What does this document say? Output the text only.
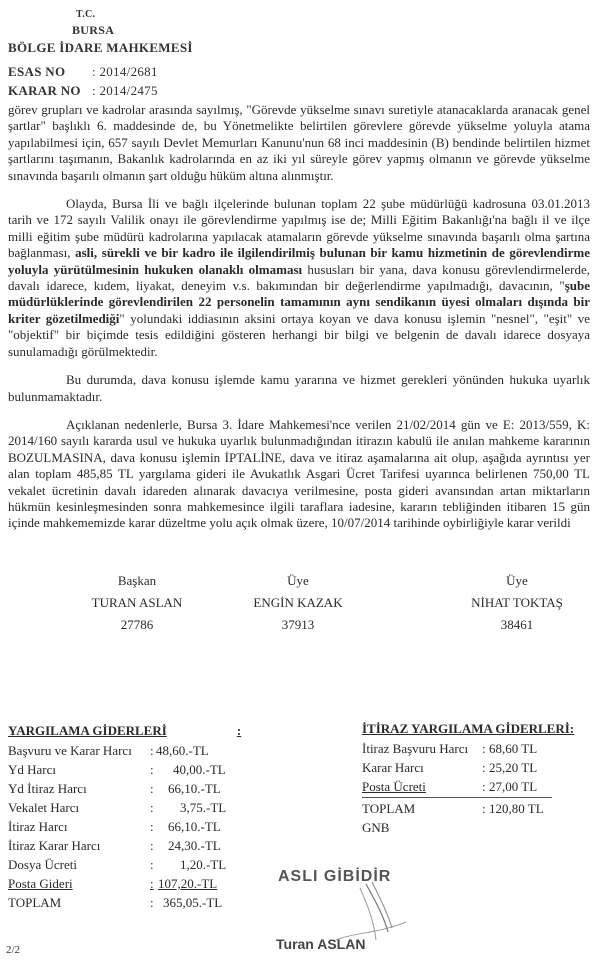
T.C.
BURSA
BÖLGE İDARE MAHKEMESİ
ESAS NO : 2014/2681
KARAR NO : 2014/2475

görev grupları ve kadrolar arasında sayılmış, "Görevde yükselme sınavı suretiyle atanacaklarda aranacak genel şartlar" başlıklı 6. maddesinde de, bu Yönetmelikte belirtilen görevlere görevde yükselme yoluyla atama yapılabilmesi için, 657 sayılı Devlet Memurları Kanunu'nun 68 inci maddesinin (B) bendinde belirtilen hizmet şartlarını taşımanın, Bakanlık kadrolarında en az iki yıl süreyle görev yapmış olmanın ve görevde yükselme sınavında başarılı olmanın şart olduğu hüküm altına alınmıştır.

Olayda, Bursa İli ve bağlı ilçelerinde bulunan toplam 22 şube müdürlüğü kadrosuna 03.01.2013 tarih ve 172 sayılı Valilik onayı ile görevlendirme yapılmış ise de; Milli Eğitim Bakanlığı'na bağlı il ve ilçe milli eğitim şube müdürü kadrolarına yapılacak atamaların görevde yükselme sınavında başarılı olma şartına bağlanması, asli, sürekli ve bir kadro ile ilgilendirilmiş bulunan bir kamu hizmetinin de görevlendirme yoluyla yürütülmesinin hukuken olanaklı olmaması hususları bir yana, dava konusu görevlendirmelerde, davalı idarece, kıdem, liyakat, deneyim v.s. bakımından bir değerlendirme yapılmadığı, davacının, "şube müdürlüklerinde görevlendirilen 22 personelin tamamının aynı sendikanın üyesi olmaları dışında bir kriter gözetilmediği" yolundaki iddiasının aksini ortaya koyan ve dava konusu işlemin "nesnel", "eşit" ve "objektif" bir biçimde tesis edildiğini gösteren herhangi bir bilgi ve belgenin de davalı idarece dosyaya sunulamadığı görülmektedir.

Bu durumda, dava konusu işlemde kamu yararına ve hizmet gerekleri yönünden hukuka uyarlık bulunmamaktadır.

Açıklanan nedenlerle, Bursa 3. İdare Mahkemesi'nce verilen 21/02/2014 gün ve E: 2013/559, K: 2014/160 sayılı kararda usul ve hukuka uyarlık bulunmadığından itirazın kabulü ile anılan mahkeme kararının BOZULMASINA, dava konusu işlemin İPTALİNE, dava ve itiraz aşamalarına ait olup, aşağıda ayrıntısı yer alan toplam 485,85 TL yargılama gideri ile Avukatlık Asgari Ücret Tarifesi uyarınca belirlenen 750,00 TL vekalet ücretinin davalı idareden alınarak davacıya verilmesine, posta gideri avansından artan miktarların hükmün kesinleşmesinden sonra mahkemesince ilgili taraflara iadesine, kararın tebliğinden itibaren 15 gün içinde mahkememizde karar düzeltme yolu açık olmak üzere, 10/07/2014 tarihinde oybirliğiyle karar verildi

Başkan
TURAN ASLAN
27786
Üye
ENGİN KAZAK
37913
Üye
NİHAT TOKTAŞ
38461
YARGILAMA GİDERLERİ	:
Başvuru ve Karar Harcı : 48,60.-TL
Yd Harcı	: 40,00.-TL
Yd İtiraz Harcı	: 66,10.-TL
Vekalet Harcı	: 3,75.-TL
İtiraz Harcı	: 66,10.-TL
İtiraz Karar Harcı	: 24,30.-TL
Dosya Ücreti	: 1,20.-TL
Posta Gideri	: 107,20.-TL
TOPLAM	: 365,05.-TL
İTİRAZ YARGILAMA GİDERLERİ:
İtiraz Başvuru Harcı : 68,60 TL
Karar Harcı	: 25,20 TL
Posta Ücreti	: 27,00 TL
TOPLAM	: 120,80 TL
GNB
ASLI GİBİDİR
Turan ASLAN
2/2
